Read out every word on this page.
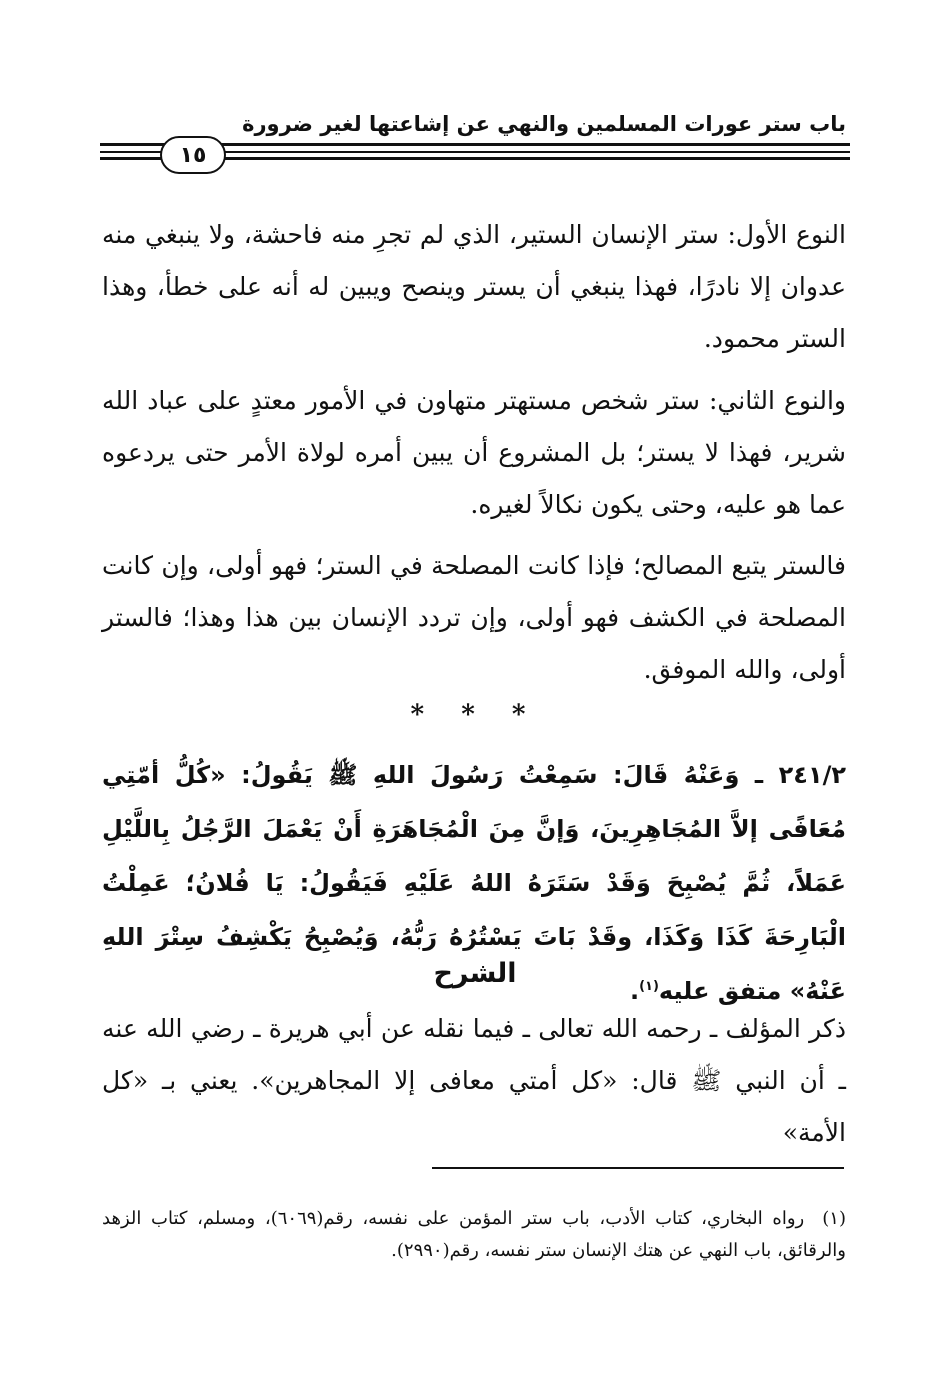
باب ستر عورات المسلمين والنهي عن إشاعتها لغير ضرورة
١٥
النوع الأول: ستر الإنسان الستير، الذي لم تجرِ منه فاحشة، ولا ينبغي منه عدوان إلا نادرًا، فهذا ينبغي أن يستر وينصح ويبين له أنه على خطأ، وهذا الستر محمود.
والنوع الثاني: ستر شخص مستهتر متهاون في الأمور معتدٍ على عباد الله شرير، فهذا لا يستر؛ بل المشروع أن يبين أمره لولاة الأمر حتى يردعوه عما هو عليه، وحتى يكون نكالاً لغيره.
فالستر يتبع المصالح؛ فإذا كانت المصلحة في الستر؛ فهو أولى، وإن كانت المصلحة في الكشف فهو أولى، وإن تردد الإنسان بين هذا وهذا؛ فالستر أولى، والله الموفق.
* * *
٢٤١/٢ ـ وَعَنْهُ قَالَ: سَمِعْتُ رَسُولَ اللهِ ﷺ يَقُولُ: «كُلُّ أمّتِي مُعَافًى إلاَّ المُجَاهِرِينَ، وَإنَّ مِنَ الْمُجَاهَرَةِ أَنْ يَعْمَلَ الرَّجُلُ بِاللَّيْلِ عَمَلاً، ثُمَّ يُصْبِحَ وَقَدْ سَتَرَهُ اللهُ عَلَيْهِ فَيَقُولُ: يَا فُلانُ؛ عَمِلْتُ الْبَارِحَةَ كَذَا وَكَذَا، وقَدْ بَاتَ يَسْتُرُهُ رَبُّهُ، وَيُصْبِحُ يَكْشِفُ سِتْرَ اللهِ عَنْهُ» متفق عليه$^{(١)}$.
الشرح
ذكر المؤلف ـ رحمه الله تعالى ـ فيما نقله عن أبي هريرة ـ رضي الله عنه ـ أن النبي ﷺ قال: «كل أمتي معافى إلا المجاهرين». يعني بـ «كل الأمة»
(١)رواه البخاري، كتاب الأدب، باب ستر المؤمن على نفسه، رقم(٦٠٦٩)، ومسلم، كتاب الزهد والرقائق، باب النهي عن هتك الإنسان ستر نفسه، رقم(٢٩٩٠).
